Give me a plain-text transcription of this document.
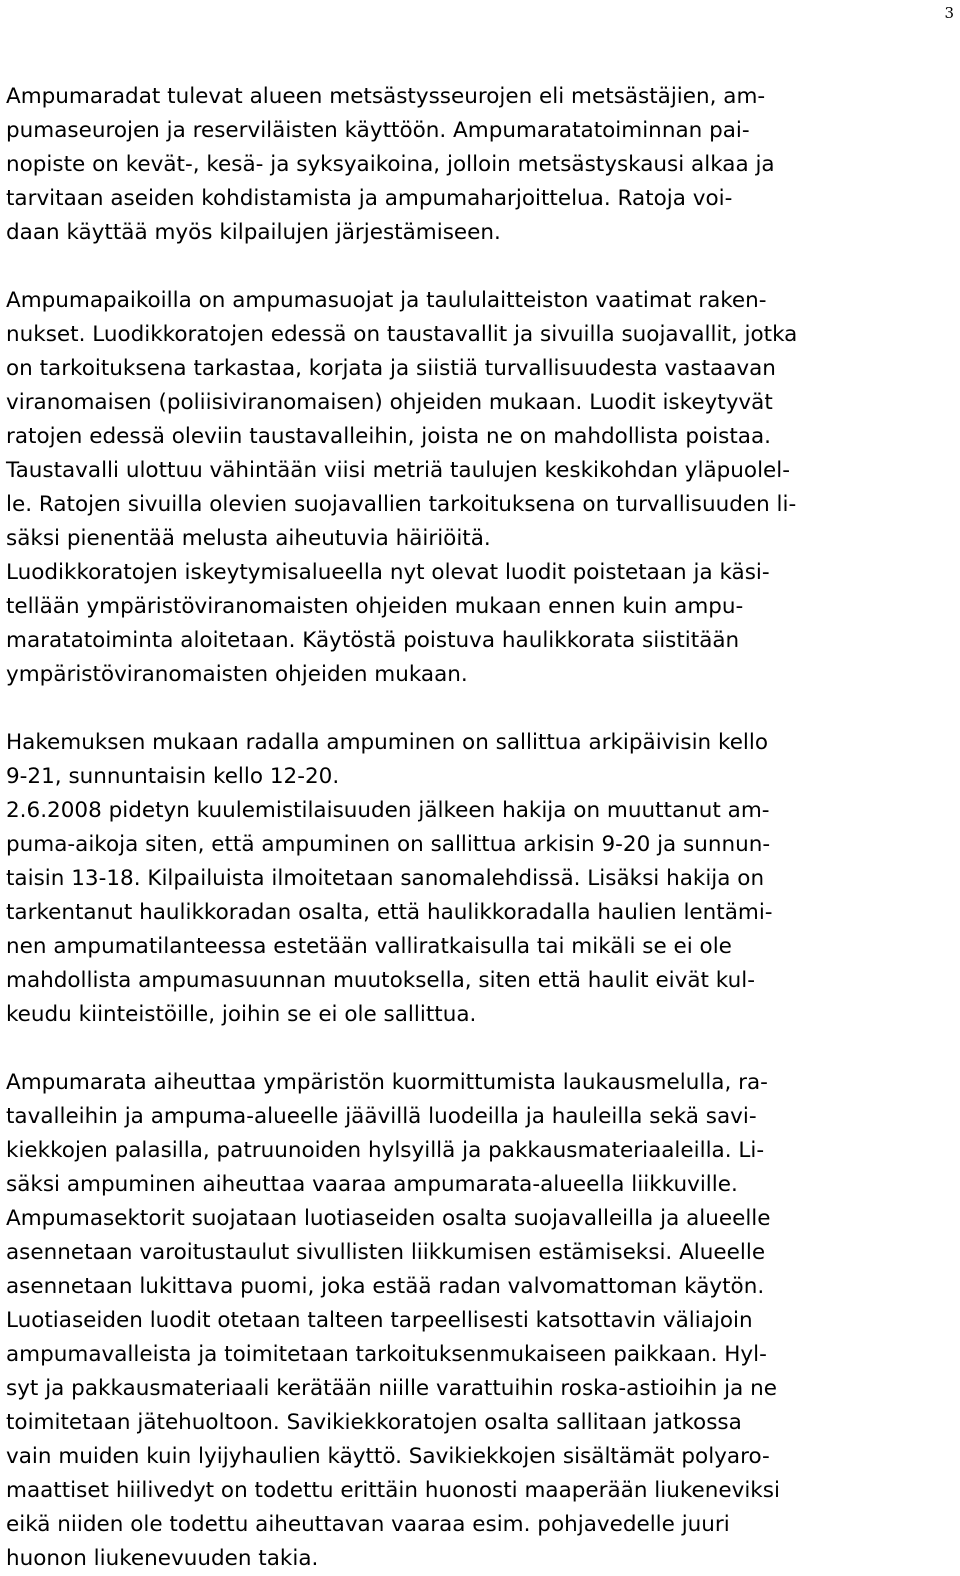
3
Ampumaradat tulevat alueen metsästysseurojen eli metsästäjien, am-
pumaseurojen ja reserviläisten käyttöön. Ampumaratatoiminnan pai-
nopiste on kevät-, kesä- ja syksyaikoina, jolloin metsästyskausi alkaa ja
tarvitaan aseiden kohdistamista ja ampumaharjoittelua. Ratoja voi-
daan käyttää myös kilpailujen järjestämiseen.
Ampumapaikoilla on ampumasuojat ja taululaitteiston vaatimat raken-
nukset. Luodikkoratojen edessä on taustavallit ja sivuilla suojavallit, jotka
on tarkoituksena tarkastaa, korjata ja siistiä turvallisuudesta vastaavan
viranomaisen (poliisiviranomaisen) ohjeiden mukaan. Luodit iskeytyvät
ratojen edessä oleviin taustavalleihin, joista ne on mahdollista poistaa.
Taustavalli ulottuu vähintään viisi metriä taulujen keskikohdan yläpuolel-
le. Ratojen sivuilla olevien suojavallien tarkoituksena on turvallisuuden li-
säksi pienentää melusta aiheutuvia häiriöitä.
Luodikkoratojen iskeytymisalueella nyt olevat luodit poistetaan ja käsi-
tellään ympäristöviranomaisten ohjeiden mukaan ennen kuin ampu-
maratatoiminta aloitetaan. Käytöstä poistuva haulikkorata siistitään
ympäristöviranomaisten ohjeiden mukaan.
Hakemuksen mukaan radalla ampuminen on sallittua arkipäivisin kello
9-21, sunnuntaisin kello 12-20.
2.6.2008 pidetyn kuulemistilaisuuden jälkeen hakija on muuttanut am-
puma-aikoja siten, että ampuminen on sallittua arkisin 9-20 ja sunnun-
taisin 13-18. Kilpailuista ilmoitetaan sanomalehdissä. Lisäksi hakija on
tarkentanut haulikkoradan osalta, että haulikkoradalla haulien lentämi-
nen ampumatilanteessa estetään valliratkaisulla tai mikäli se ei ole
mahdollista ampumasuunnan muutoksella, siten että haulit eivät kul-
keudu kiinteistöille, joihin se ei ole sallittua.
Ampumarata aiheuttaa ympäristön kuormittumista laukausmelulla, ra-
tavalleihin ja ampuma-alueelle jäävillä luodeilla ja hauleilla sekä savi-
kiekkojen palasilla, patruunoiden hylsyillä ja pakkausmateriaaleilla. Li-
säksi ampuminen aiheuttaa vaaraa ampumarata-alueella liikkuville.
Ampumasektorit suojataan luotiaseiden osalta suojavalleilla ja alueelle
asennetaan varoitustaulut sivullisten liikkumisen estämiseksi. Alueelle
asennetaan lukittava puomi, joka estää radan valvomattoman käytön.
Luotiaseiden luodit otetaan talteen tarpeellisesti katsottavin väliajoin
ampumavalleista ja toimitetaan tarkoituksenmukaiseen paikkaan. Hyl-
syt ja pakkausmateriaali kerätään niille varattuihin roska-astioihin ja ne
toimitetaan jätehuoltoon. Savikiekkoratojen osalta sallitaan jatkossa
vain muiden kuin lyijyhaulien käyttö. Savikiekkojen sisältämät polyaro-
maattiset hiilivedyt on todettu erittäin huonosti maaperään liukeneviksi
eikä niiden ole todettu aiheuttavan vaaraa esim. pohjavedelle juuri
huonon liukenevuuden takia.
